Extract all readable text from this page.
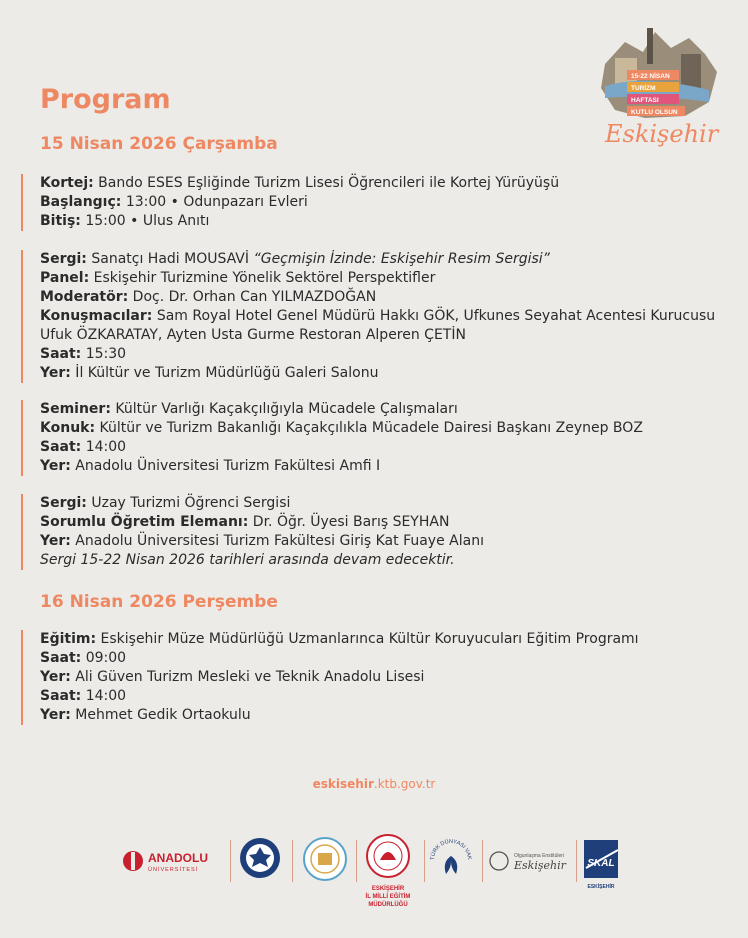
15-22 NİSAN
TURİZM
HAFTASI
KUTLU OLSUN
Eskişehir
Program
15 Nisan 2026 Çarşamba
Kortej: Bando ESES Eşliğinde Turizm Lisesi Öğrencileri ile Kortej Yürüyüşü
Başlangıç: 13:00 • Odunpazarı Evleri
Bitiş: 15:00 • Ulus Anıtı
Sergi: Sanatçı Hadi MOUSAVİ “Geçmişin İzinde: Eskişehir Resim Sergisi”
Panel: Eskişehir Turizmine Yönelik Sektörel Perspektifler
Moderatör: Doç. Dr. Orhan Can YILMAZDOĞAN
Konuşmacılar: Sam Royal Hotel Genel Müdürü Hakkı GÖK, Ufkunes Seyahat Acentesi Kurucusu Ufuk ÖZKARATAY, Ayten Usta Gurme Restoran Alperen ÇETİN
Saat: 15:30
Yer: İl Kültür ve Turizm Müdürlüğü Galeri Salonu
Seminer: Kültür Varlığı Kaçakçılığıyla Mücadele Çalışmaları
Konuk: Kültür ve Turizm Bakanlığı Kaçakçılıkla Mücadele Dairesi Başkanı Zeynep BOZ
Saat: 14:00
Yer: Anadolu Üniversitesi Turizm Fakültesi Amfi I
Sergi: Uzay Turizmi Öğrenci Sergisi
Sorumlu Öğretim Elemanı: Dr. Öğr. Üyesi Barış SEYHAN
Yer: Anadolu Üniversitesi Turizm Fakültesi Giriş Kat Fuaye Alanı
Sergi 15-22 Nisan 2026 tarihleri arasında devam edecektir.
16 Nisan 2026 Perşembe
Eğitim: Eskişehir Müze Müdürlüğü Uzmanlarınca Kültür Koruyucuları Eğitim Programı
Saat: 09:00
Yer: Ali Güven Turizm Mesleki ve Teknik Anadolu Lisesi
Saat: 14:00
Yer: Mehmet Gedik Ortaokulu
eskisehir.ktb.gov.tr
ANADOLU
ÜNİVERSİTESİ
ESKİŞEHİR
İL MİLLİ EĞİTİM
MÜDÜRLÜĞÜ
TÜRK DÜNYASI VAK	Olgunlaşma Enstitüleri
Eskişehir SKAL
ESKİŞEHİR
